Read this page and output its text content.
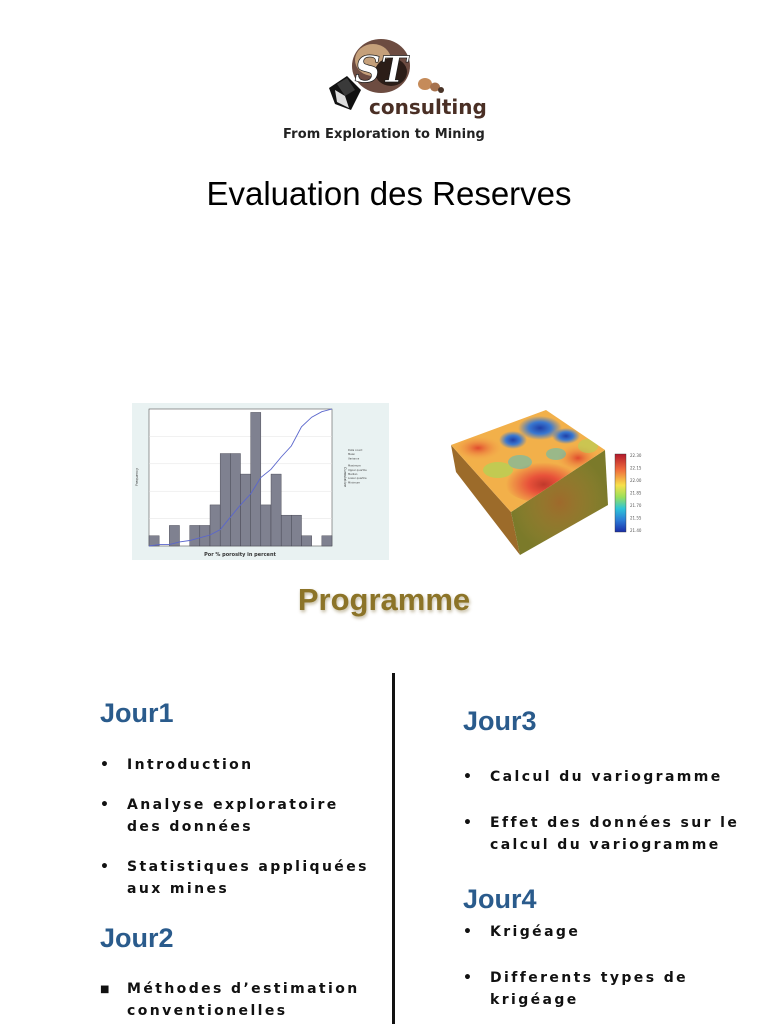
ST
consulting
From Exploration to Mining
Evaluation des Reserves
Por % porosity in percent
Frequency	Cumulative
Data count
Mean
Variance
Maximum
Upper quartile
Median
Lower quartile
Minimum
22.30
22.15
22.00
21.85
21.70
21.55
21.40
Programme
Jour1
• Introduction
• Analyse exploratoire des données
• Statistiques appliquées aux mines
Jour2
■ Méthodes d’estimation conventionelles
Jour3
• Calcul du variogramme
• Effet des données sur le calcul du variogramme
Jour4
• Krigéage
• Differents types de krigéage
